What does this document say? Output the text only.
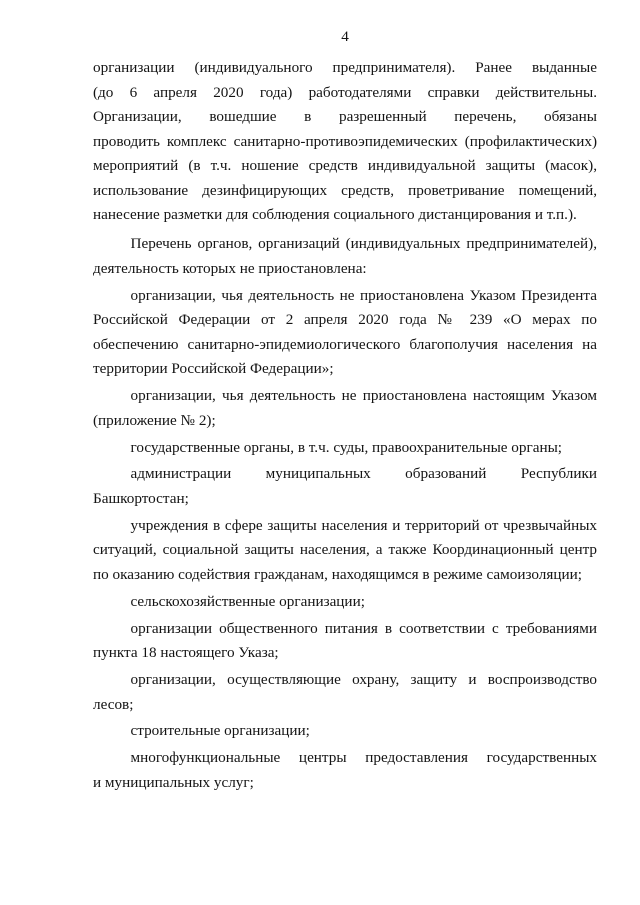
4
организации (индивидуального предпринимателя). Ранее выданные
(до 6 апреля 2020 года) работодателями справки действительны.
Организации, вошедшие в разрешенный перечень, обязаны
проводить комплекс санитарно-противоэпидемических (профилактических)
мероприятий (в т.ч. ношение средств индивидуальной защиты (масок),
использование дезинфицирующих средств, проветривание помещений,
нанесение разметки для соблюдения социального дистанцирования и т.п.).
Перечень органов, организаций (индивидуальных предпринимателей),
деятельность которых не приостановлена:
организации, чья деятельность не приостановлена Указом Президента
Российской Федерации от 2 апреля 2020 года № 239 «О мерах по
обеспечению санитарно-эпидемиологического благополучия населения на
территории Российской Федерации»;
организации, чья деятельность не приостановлена настоящим Указом
(приложение № 2);
государственные органы, в т.ч. суды, правоохранительные органы;
администрации муниципальных образований Республики
Башкортостан;
учреждения в сфере защиты населения и территорий от чрезвычайных
ситуаций, социальной защиты населения, а также Координационный центр
по оказанию содействия гражданам, находящимся в режиме самоизоляции;
сельскохозяйственные организации;
организации общественного питания в соответствии с требованиями
пункта 18 настоящего Указа;
организации, осуществляющие охрану, защиту и воспроизводство
лесов;
строительные организации;
многофункциональные центры предоставления государственных
и муниципальных услуг;
